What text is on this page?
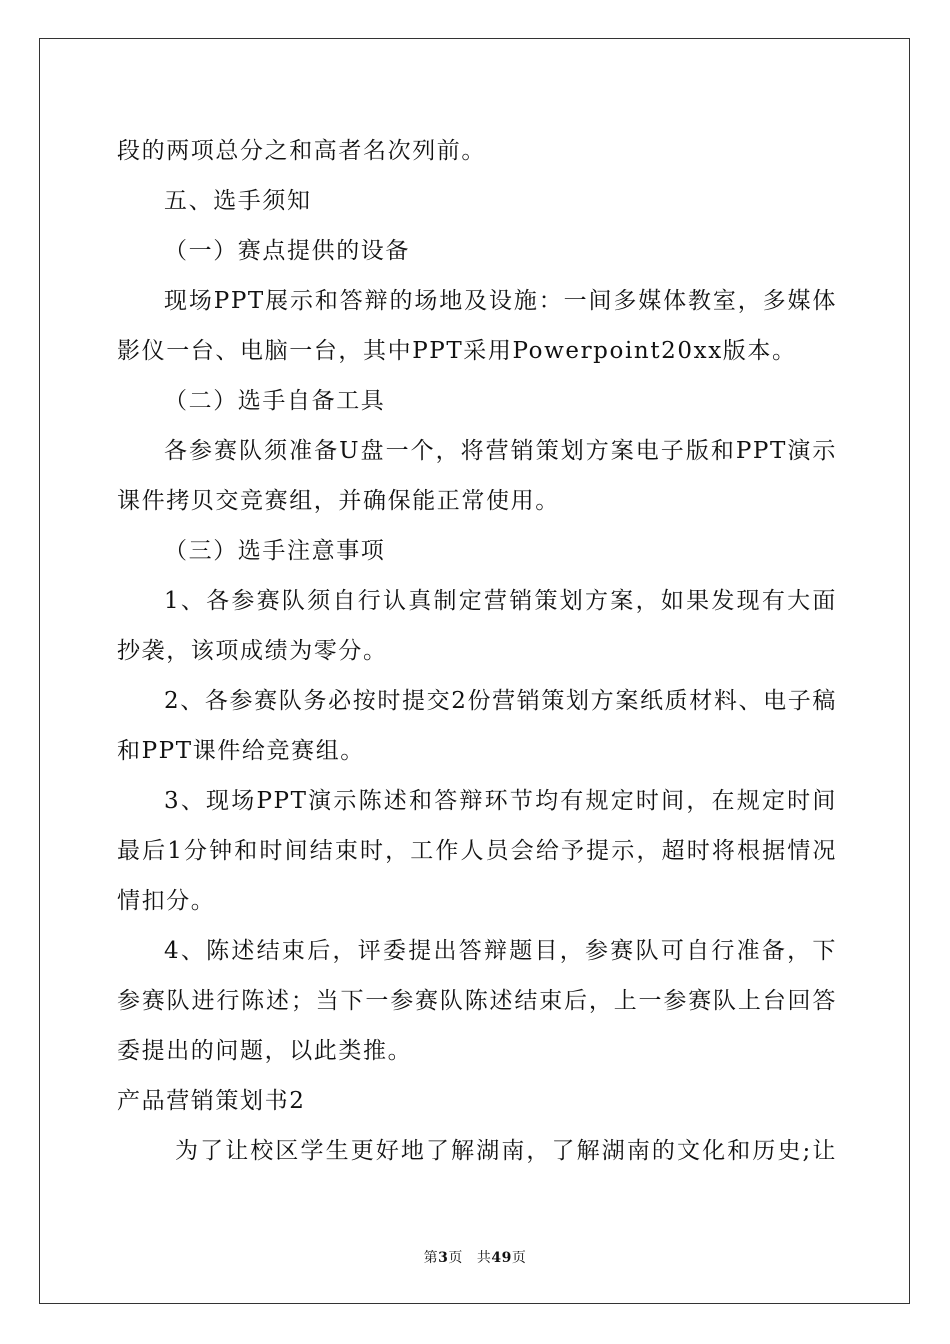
段的两项总分之和高者名次列前。
五、选手须知
（一）赛点提供的设备
现场PPT展示和答辩的场地及设施：一间多媒体教室，多媒体
影仪一台、电脑一台，其中PPT采用Powerpoint20xx版本。
（二）选手自备工具
各参赛队须准备U盘一个，将营销策划方案电子版和PPT演示
课件拷贝交竞赛组，并确保能正常使用。
（三）选手注意事项
1、各参赛队须自行认真制定营销策划方案，如果发现有大面
抄袭，该项成绩为零分。
2、各参赛队务必按时提交2份营销策划方案纸质材料、电子稿
和PPT课件给竞赛组。
3、现场PPT演示陈述和答辩环节均有规定时间，在规定时间
最后1分钟和时间结束时，工作人员会给予提示，超时将根据情况
情扣分。
4、陈述结束后，评委提出答辩题目，参赛队可自行准备，下
参赛队进行陈述；当下一参赛队陈述结束后，上一参赛队上台回答
委提出的问题，以此类推。
产品营销策划书2
为了让校区学生更好地了解湖南，了解湖南的文化和历史;让
第3页 共49页
